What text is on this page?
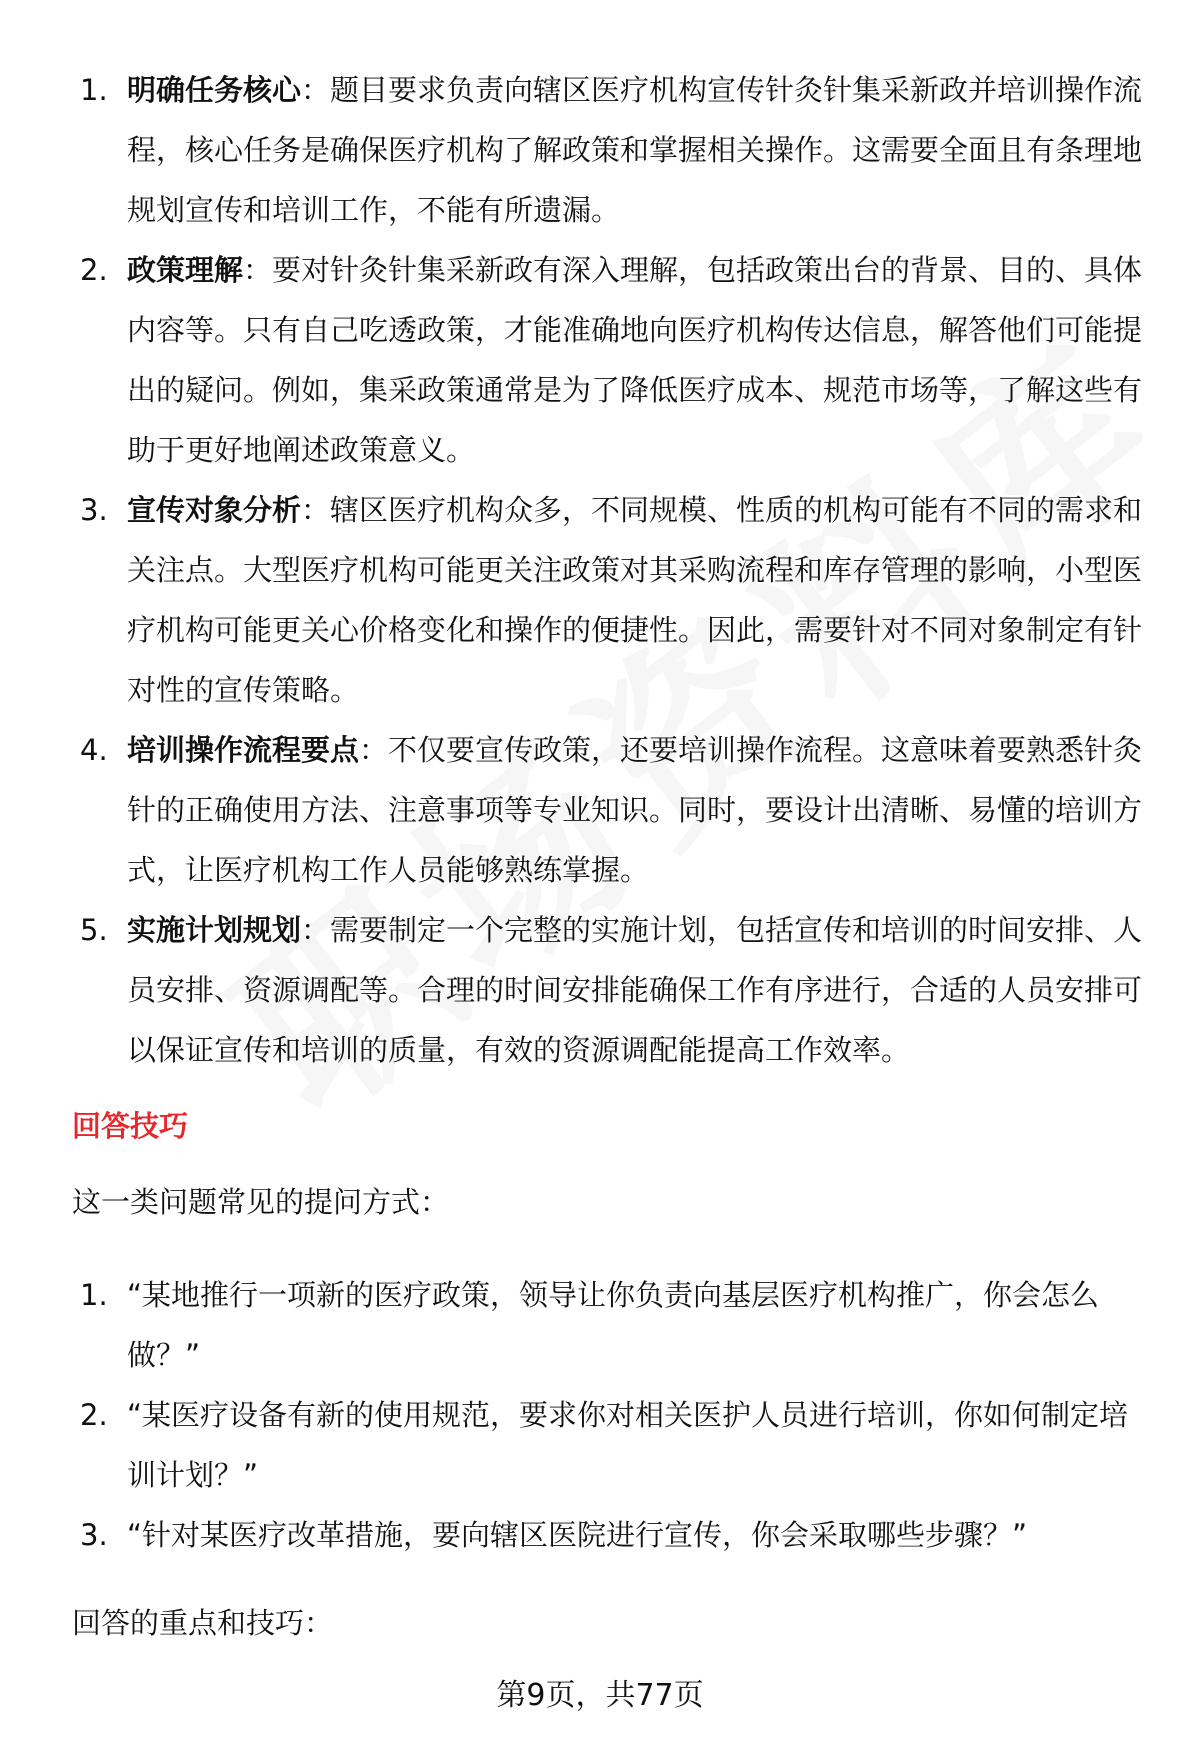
1. 明确任务核心：题目要求负责向辖区医疗机构宣传针灸针集采新政并培训操作流程，核心任务是确保医疗机构了解政策和掌握相关操作。这需要全面且有条理地规划宣传和培训工作，不能有所遗漏。
2. 政策理解：要对针灸针集采新政有深入理解，包括政策出台的背景、目的、具体内容等。只有自己吃透政策，才能准确地向医疗机构传达信息，解答他们可能提出的疑问。例如，集采政策通常是为了降低医疗成本、规范市场等，了解这些有助于更好地阐述政策意义。
3. 宣传对象分析：辖区医疗机构众多，不同规模、性质的机构可能有不同的需求和关注点。大型医疗机构可能更关注政策对其采购流程和库存管理的影响，小型医疗机构可能更关心价格变化和操作的便捷性。因此，需要针对不同对象制定有针对性的宣传策略。
4. 培训操作流程要点：不仅要宣传政策，还要培训操作流程。这意味着要熟悉针灸针的正确使用方法、注意事项等专业知识。同时，要设计出清晰、易懂的培训方式，让医疗机构工作人员能够熟练掌握。
5. 实施计划规划：需要制定一个完整的实施计划，包括宣传和培训的时间安排、人员安排、资源调配等。合理的时间安排能确保工作有序进行，合适的人员安排可以保证宣传和培训的质量，有效的资源调配能提高工作效率。
回答技巧
这一类问题常见的提问方式：
1. “某地推行一项新的医疗政策，领导让你负责向基层医疗机构推广，你会怎么做？”
2. “某医疗设备有新的使用规范，要求你对相关医护人员进行培训，你如何制定培训计划？”
3. “针对某医疗改革措施，要向辖区医院进行宣传，你会采取哪些步骤？”
回答的重点和技巧：
第9页，共77页
